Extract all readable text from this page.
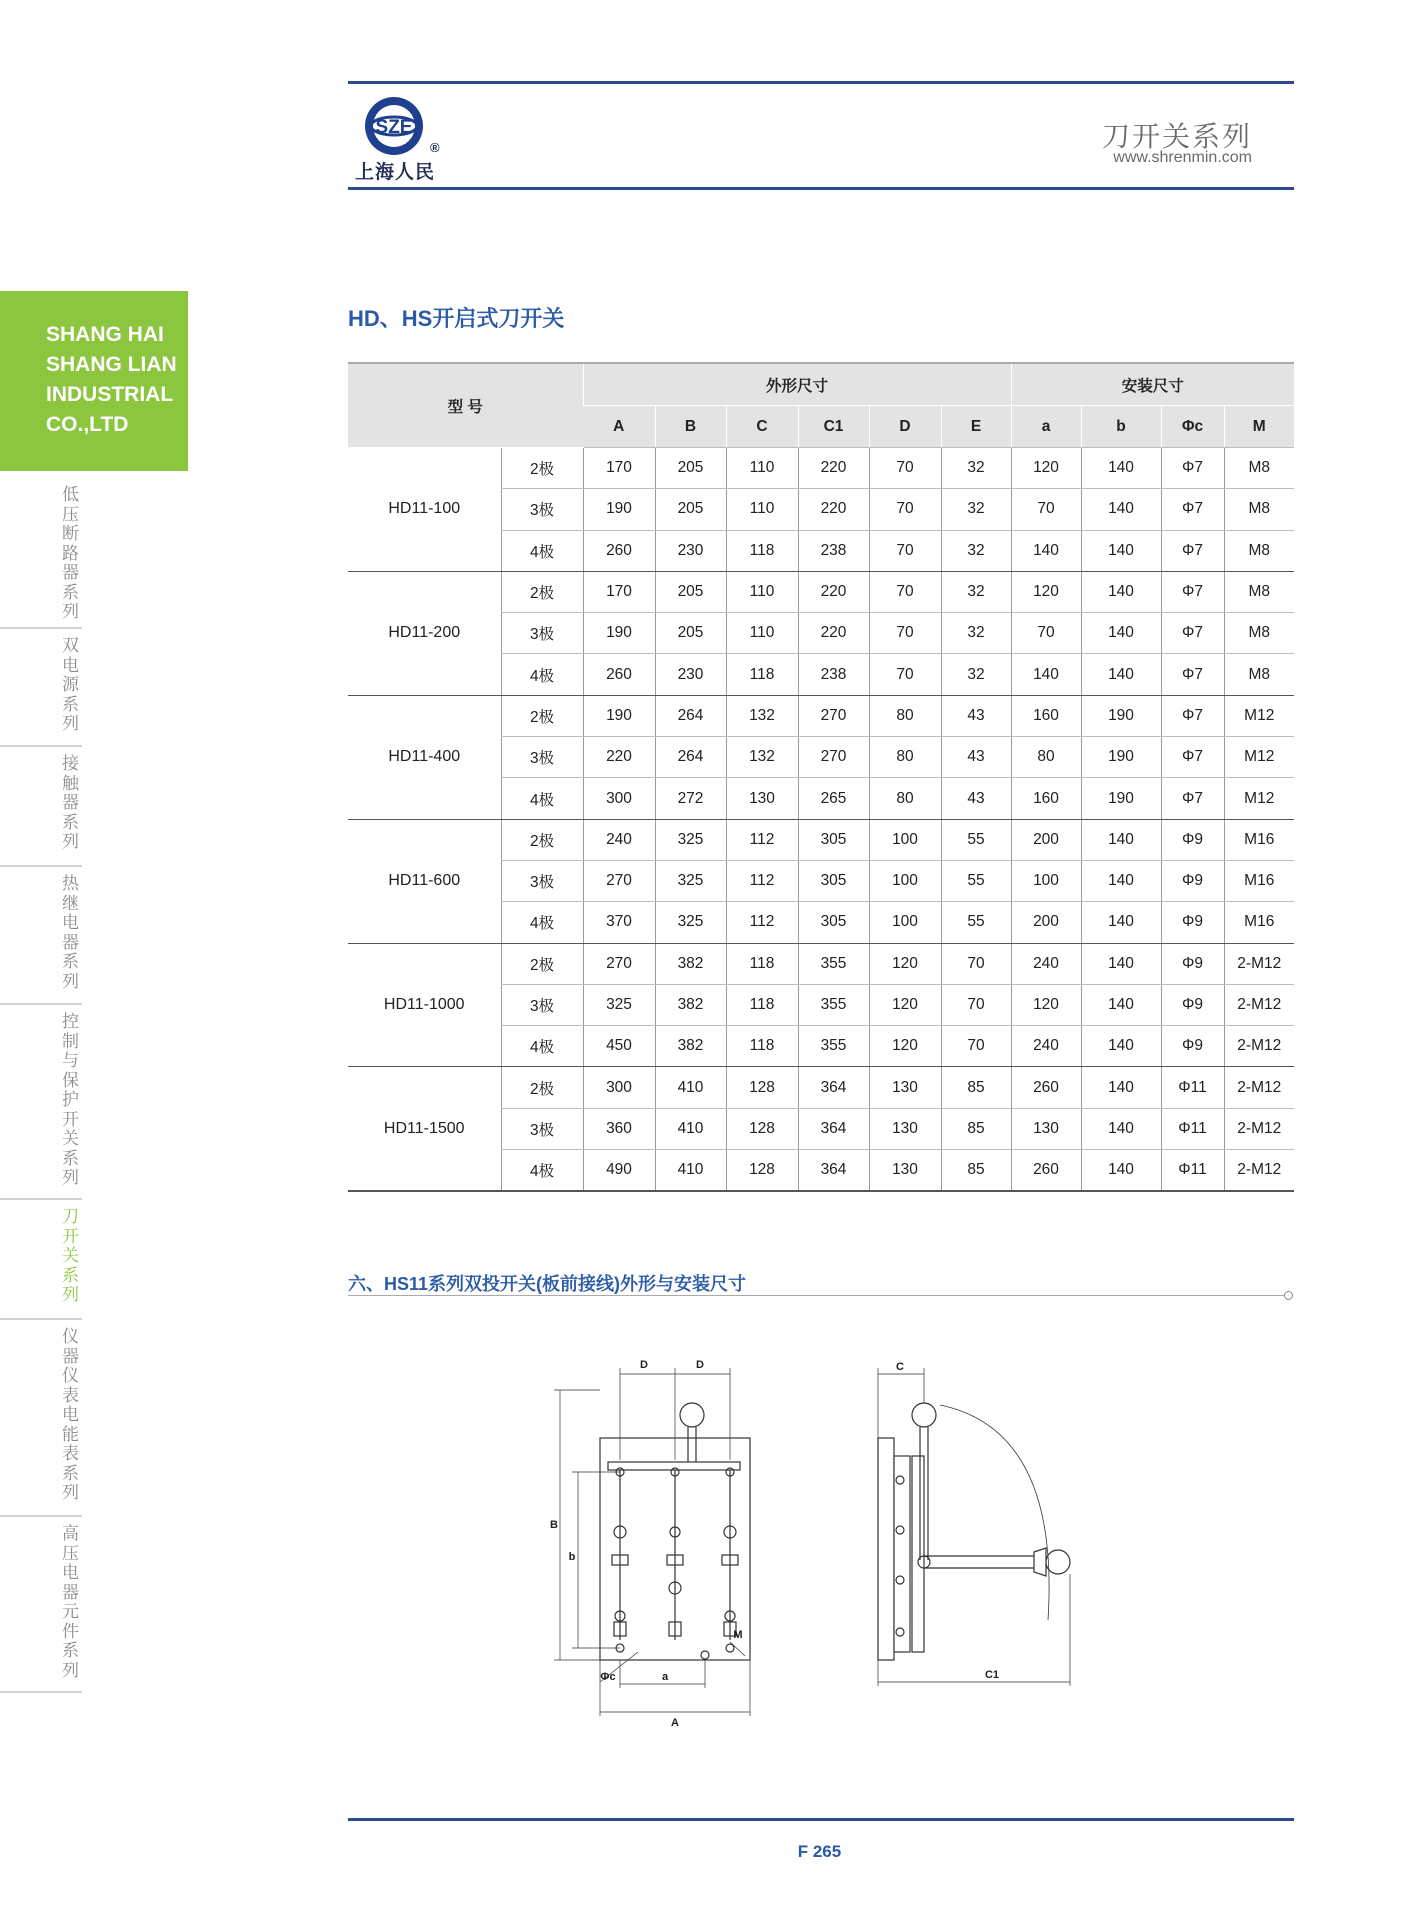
SZE
®
上海人民
刀开关系列
www.shrenmin.com
SHANG HAI
SHANG LIAN
INDUSTRIAL
CO.,LTD
低压断路器系列
双电源系列
接触器系列
热继电器系列
控制与保护开关系列
刀开关系列
仪器仪表电能表系列
高压电器元件系列
HD、HS开启式刀开关
型 号		外形尺寸						安装尺寸			
		A	B	C	C1	D	E	a	b	Φc	M
HD11-100	2极	170	205	110	220	70	32	120	140	Φ7	M8
	3极	190	205	110	220	70	32	70	140	Φ7	M8
	4极	260	230	118	238	70	32	140	140	Φ7	M8
HD11-200	2极	170	205	110	220	70	32	120	140	Φ7	M8
	3极	190	205	110	220	70	32	70	140	Φ7	M8
	4极	260	230	118	238	70	32	140	140	Φ7	M8
HD11-400	2极	190	264	132	270	80	43	160	190	Φ7	M12
	3极	220	264	132	270	80	43	80	190	Φ7	M12
	4极	300	272	130	265	80	43	160	190	Φ7	M12
HD11-600	2极	240	325	112	305	100	55	200	140	Φ9	M16
	3极	270	325	112	305	100	55	100	140	Φ9	M16
	4极	370	325	112	305	100	55	200	140	Φ9	M16
HD11-1000	2极	270	382	118	355	120	70	240	140	Φ9	2-M12
	3极	325	382	118	355	120	70	120	140	Φ9	2-M12
	4极	450	382	118	355	120	70	240	140	Φ9	2-M12
HD11-1500	2极	300	410	128	364	130	85	260	140	Φ11	2-M12
	3极	360	410	128	364	130	85	130	140	Φ11	2-M12
	4极	490	410	128	364	130	85	260	140	Φ11	2-M12
六、HS11系列双投开关(板前接线)外形与安装尺寸
D	D
B
b
M
Φc	a
A
C
C1
F 265
